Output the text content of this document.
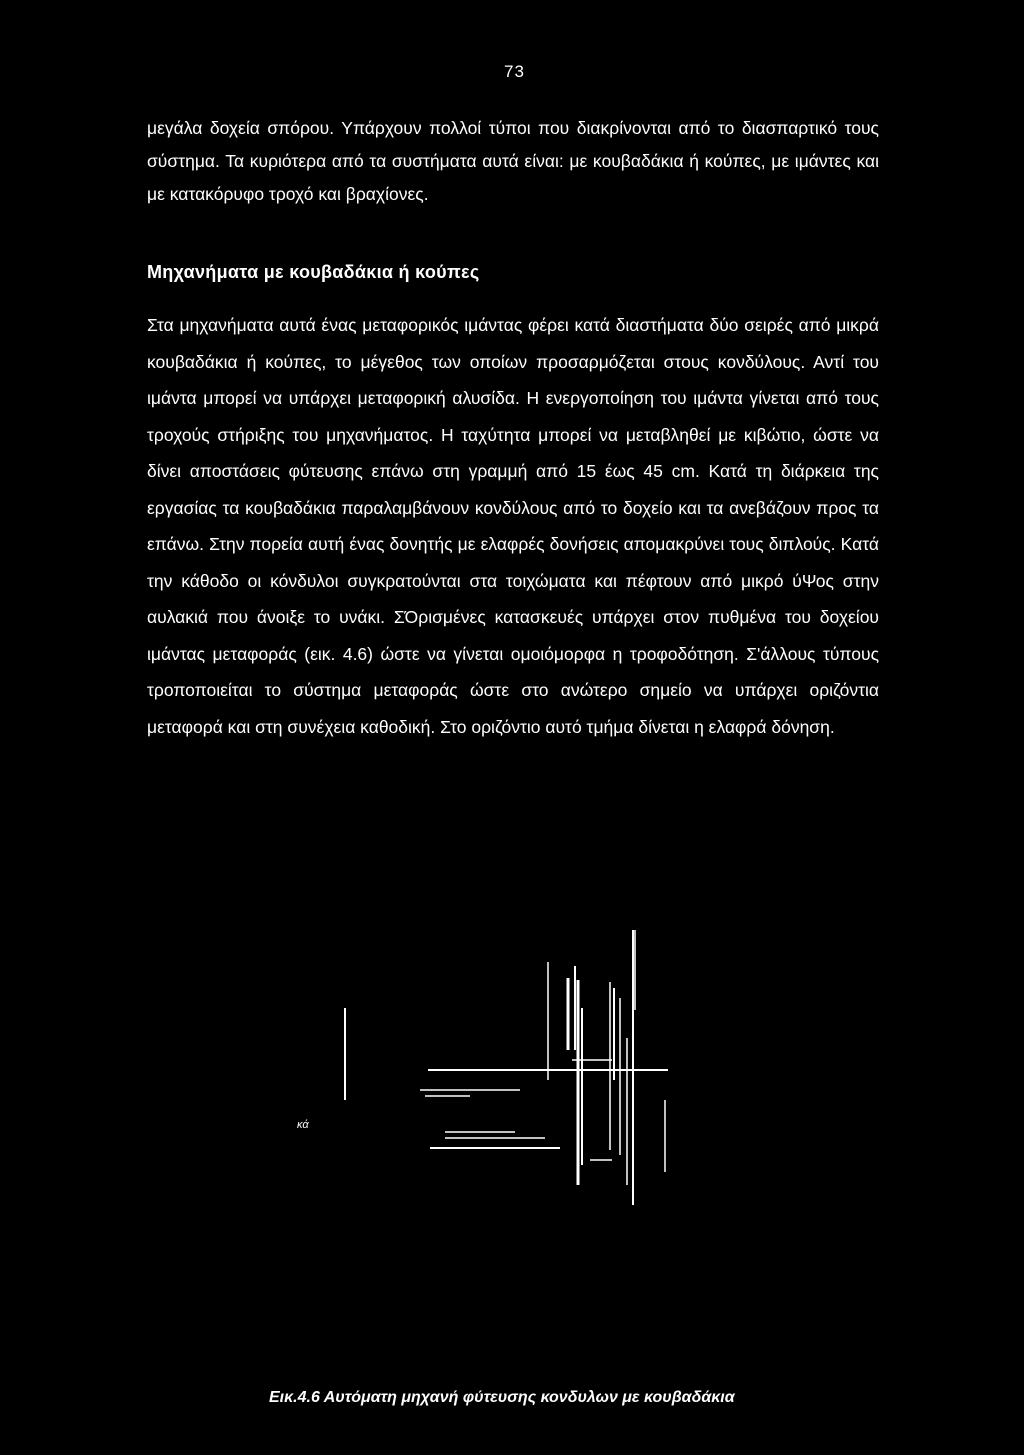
73

μεγάλα δοχεία σπόρου. Υπάρχουν πολλοί τύποι που διακρίνονται από το διασπαρτικό τους σύστημα. Τα κυριότερα από τα συστήματα αυτά είναι: με κουβαδάκια ή κούπες, με ιμάντες και με κατακόρυφο τροχό και βραχίονες.

Μηχανήματα με κουβαδάκια ή κούπες

Στα μηχανήματα αυτά ένας μεταφορικός ιμάντας φέρει κατά διαστήματα δύο σειρές από μικρά κουβαδάκια ή κούπες, το μέγεθος των οποίων προσαρμόζεται στους κονδύλους. Αντί του ιμάντα μπορεί να υπάρχει μεταφορική αλυσίδα. Η ενεργοποίηση του ιμάντα γίνεται από τους τροχούς στήριξης του μηχανήματος. Η ταχύτητα μπορεί να μεταβληθεί με κιβώτιο, ώστε να δίνει αποστάσεις φύτευσης επάνω στη γραμμή από 15 έως 45 cm. Κατά τη διάρκεια της εργασίας τα κουβαδάκια παραλαμβάνουν κονδύλους από το δοχείο και τα ανεβάζουν προς τα επάνω. Στην πορεία αυτή ένας δονητής με ελαφρές δονήσεις απομακρύνει τους διπλούς. Κατά την κάθοδο οι κόνδυλοι συγκρατούνται στα τοιχώματα και πέφτουν από μικρό ύΨος στην αυλακιά που άνοιξε το υνάκι. ΣΌρισμένες κατασκευές υπάρχει στον πυθμένα του δοχείου ιμάντας μεταφοράς (εικ. 4.6) ώστε να γίνεται ομοιόμορφα η τροφοδότηση. Σ'άλλους τύπους τροποποιείται το σύστημα μεταφοράς ώστε στο ανώτερο σημείο να υπάρχει οριζόντια μεταφορά και στη συνέχεια καθοδική. Στο οριζόντιο αυτό τμήμα δίνεται η ελαφρά δόνηση.

κά
Εικ.4.6 Αυτόματη μηχανή φύτευσης κονδυλων με κουβαδάκια
